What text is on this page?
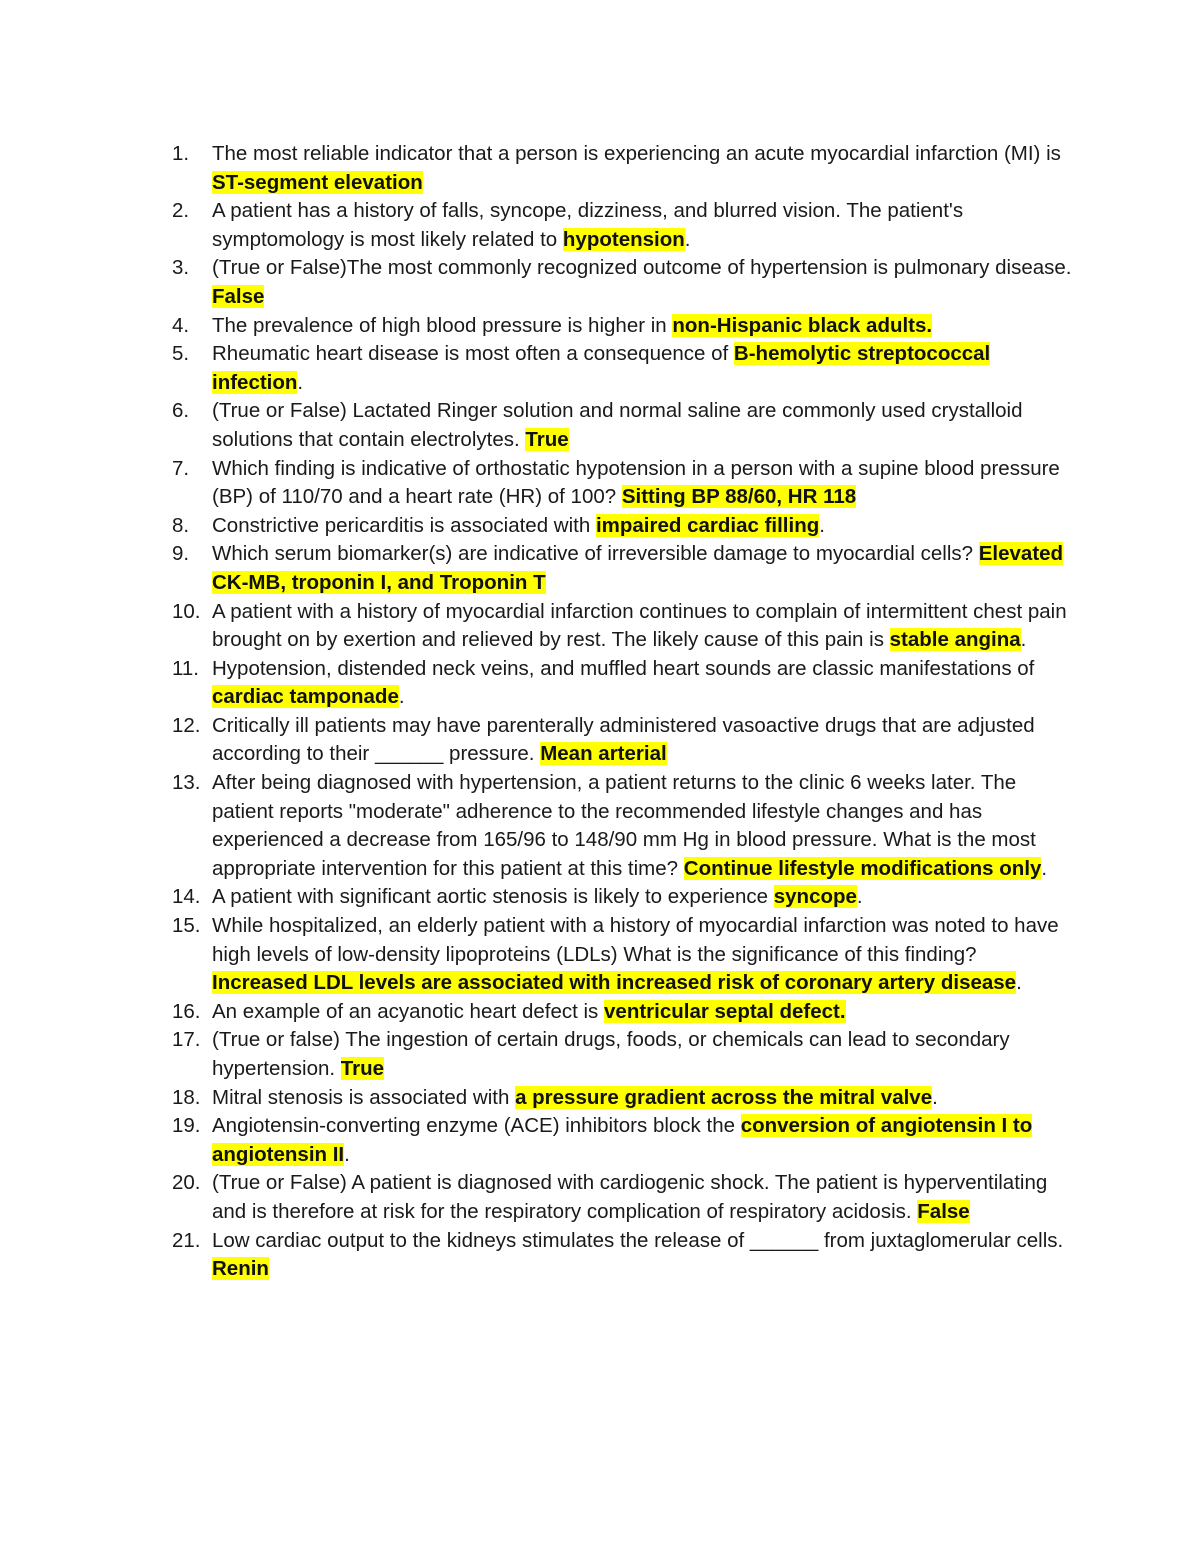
1.	The most reliable indicator that a person is experiencing an acute myocardial infarction (MI) is ST-segment elevation
2.	A patient has a history of falls, syncope, dizziness, and blurred vision. The patient's symptomology is most likely related to hypotension.
3.	(True or False)The most commonly recognized outcome of hypertension is pulmonary disease. False
4.	The prevalence of high blood pressure is higher in non-Hispanic black adults.
5.	Rheumatic heart disease is most often a consequence of B-hemolytic streptococcal infection.
6.	(True or False) Lactated Ringer solution and normal saline are commonly used crystalloid solutions that contain electrolytes. True
7.	Which finding is indicative of orthostatic hypotension in a person with a supine blood pressure (BP) of 110/70 and a heart rate (HR) of 100? Sitting BP 88/60, HR 118
8.	Constrictive pericarditis is associated with impaired cardiac filling.
9.	Which serum biomarker(s) are indicative of irreversible damage to myocardial cells? Elevated CK-MB, troponin I, and Troponin T
10. A patient with a history of myocardial infarction continues to complain of intermittent chest pain brought on by exertion and relieved by rest. The likely cause of this pain is stable angina.
11. Hypotension, distended neck veins, and muffled heart sounds are classic manifestations of cardiac tamponade.
12. Critically ill patients may have parenterally administered vasoactive drugs that are adjusted according to their ______ pressure. Mean arterial
13. After being diagnosed with hypertension, a patient returns to the clinic 6 weeks later. The patient reports "moderate" adherence to the recommended lifestyle changes and has experienced a decrease from 165/96 to 148/90 mm Hg in blood pressure. What is the most appropriate intervention for this patient at this time? Continue lifestyle modifications only.
14. A patient with significant aortic stenosis is likely to experience syncope.
15. While hospitalized, an elderly patient with a history of myocardial infarction was noted to have high levels of low-density lipoproteins (LDLs) What is the significance of this finding? Increased LDL levels are associated with increased risk of coronary artery disease.
16. An example of an acyanotic heart defect is ventricular septal defect.
17. (True or false) The ingestion of certain drugs, foods, or chemicals can lead to secondary hypertension. True
18. Mitral stenosis is associated with a pressure gradient across the mitral valve.
19. Angiotensin-converting enzyme (ACE) inhibitors block the conversion of angiotensin I to angiotensin II.
20. (True or False) A patient is diagnosed with cardiogenic shock. The patient is hyperventilating and is therefore at risk for the respiratory complication of respiratory acidosis. False
21. Low cardiac output to the kidneys stimulates the release of ______ from juxtaglomerular cells. Renin
